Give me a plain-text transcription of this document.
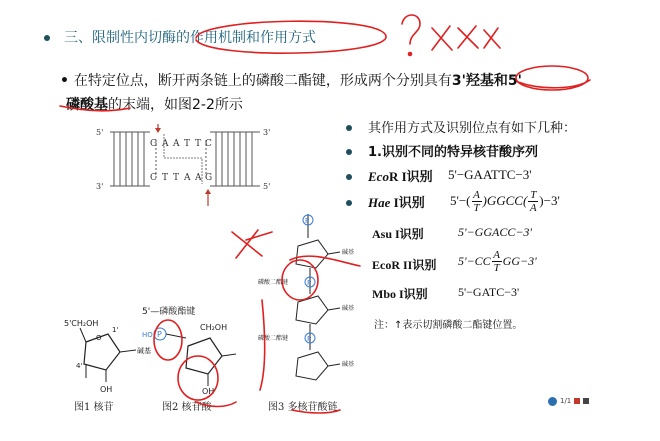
三、限制性内切酶的作用机制和作用方式
• 在特定位点，断开两条链上的磷酸二酯键，形成两个分别具有3'羟基和5'
磷酸基的末端，如图2-2所示
其作用方式及识别位点有如下几种：
1.识别不同的特异核苷酸序列
EcoR I识别 5'−GAATTC−3'
Hae I识别 5'−( A
T )GGCC( T
A )−3'
Asu I识别	5'−GGACC−3'
EcoR II识别 5'−CC A
T GG−3'
Mbo I识别	5'−GATC−3'
注：↑表示切割磷酸二酯键位置。
5'	3'
3'	5'
G A A T T C
C T T A A G
O
5'CH₂OH
碱基
OH
1'
4'
图1 核苷
5'—磷酸酯键
P
HO
CH₂OH
OH
图2 核苷酸
P
P
P
碱基
碱基
碱基
磷酸二酯键
磷酸二酯键
图3 多核苷酸链
1/1
